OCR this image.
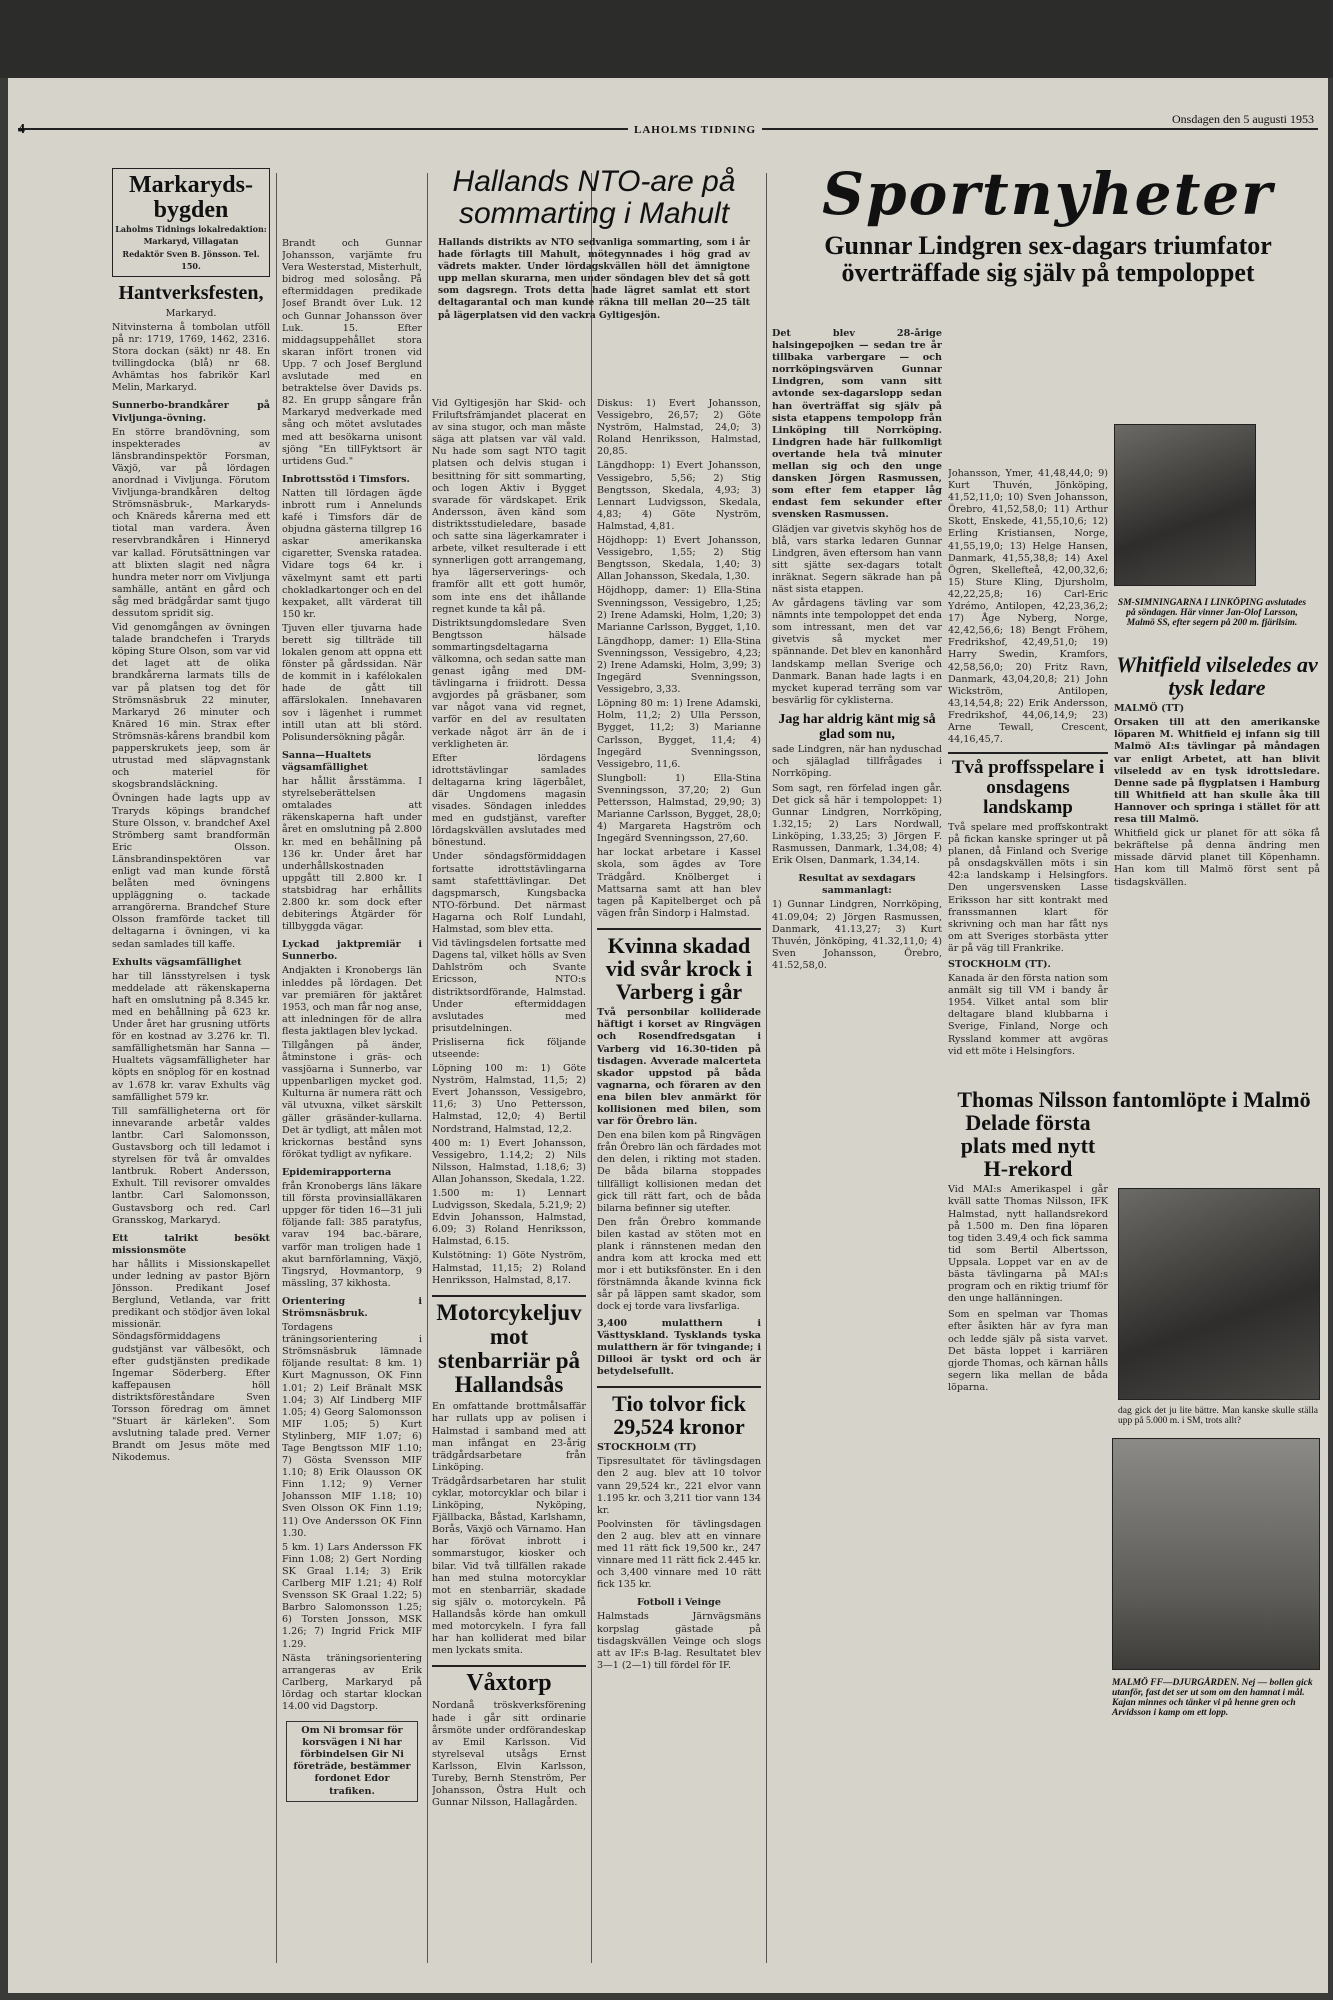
4	LAHOLMS TIDNING
Onsdagen den 5 augusti 1953
Markaryds-bygden
Laholms Tidnings lokalredaktion: Markaryd, Villagatan
Redaktör Sven B. Jönsson. Tel. 150.
Hantverksfesten,
Markaryd.

Nitvinsterna å tombolan utföll på nr: 1719, 1769, 1462, 2316. Stora dockan (säkt) nr 48. En tvillingdocka (blå) nr 68. Avhämtas hos fabrikör Karl Melin, Markaryd.

Sunnerbo-brandkårer på Vivljunga-övning.

En större brandövning, som inspekterades av länsbrandinspektör Forsman, Växjö, var på lördagen anordnad i Vivljunga. Förutom Vivljunga-brandkåren deltog Strömsnäsbruk-, Markaryds- och Knäreds kårerna med ett tiotal man vardera. Även reservbrandkåren i Hinneryd var kallad. Förutsättningen var att blixten slagit ned några hundra meter norr om Vivljunga samhälle, antänt en gård och såg med brädgårdar samt tjugo dessutom spridit sig.

Vid genomgången av övningen talade brandchefen i Traryds köping Sture Olson, som var vid det laget att de olika brandkårerna larmats tills de var på platsen tog det för Strömsnäsbruk 22 minuter, Markaryd 26 minuter och Knäred 16 min. Strax efter Strömsnäs-kårens brandbil kom papperskrukets jeep, som är utrustad med släpvagnstank och materiel för skogsbrandsläckning.

Övningen hade lagts upp av Traryds köpings brandchef Sture Olsson, v. brandchef Axel Strömberg samt brandformän Eric Olsson. Länsbrandinspektören var enligt vad man kunde förstå belåten med övningens uppläggning o. tackade arrangörerna. Brandchef Sture Olsson framförde tacket till deltagarna i övningen, vi ka sedan samlades till kaffe.

Exhults vägsamfällighet

har till länsstyrelsen i tysk meddelade att räkenskaperna haft en omslutning på 8.345 kr. med en behållning på 623 kr. Under året har grusning utförts för en kostnad av 3.276 kr. Tl. samfällighetsmän har Sanna — Hualtets vägsamfälligheter har köpts en snöplog för en kostnad av 1.678 kr. varav Exhults väg samfällighet 579 kr.

Till samfälligheterna ort för innevarande arbetår valdes lantbr. Carl Salomonsson, Gustavsborg och till ledamot i styrelsen för två år omvaldes lantbruk. Robert Andersson, Exhult. Till revisorer omvaldes lantbr. Carl Salomonsson, Gustavsborg och red. Carl Gransskog, Markaryd.

Ett talrikt besökt missionsmöte

har hållits i Missionskapellet under ledning av pastor Björn Jönsson. Predikant Josef Berglund, Vetlanda, var fritt predikant och stödjor även lokal missionär. Söndagsförmiddagens gudstjänst var välbesökt, och efter gudstjänsten predikade Ingemar Söderberg. Efter kaffepausen höll distriktsföreståndare Sven Torsson föredrag om ämnet "Stuart är kärleken". Som avslutning talade pred. Verner Brandt om Jesus möte med Nikodemus.

Brandt och Gunnar Johansson, varjämte fru Vera Westerstad, Misterhult, bidrog med solosång. På eftermiddagen predikade Josef Brandt över Luk. 12 och Gunnar Johansson över Luk. 15. Efter middagsuppehållet stora skaran infört tronen vid Upp. 7 och Josef Berglund avslutade med en betraktelse över Davids ps. 82. En grupp sångare från Markaryd medverkade med sång och mötet avslutades med att besökarna unisont sjöng "En tillFyktsort är urtidens Gud."

Inbrottsstöd i Timsfors.

Natten till lördagen ägde inbrott rum i Annelunds kafé i Timsfors där de objudna gästerna tillgrep 16 askar amerikanska cigaretter, Svenska ratadea. Vidare togs 64 kr. i växelmynt samt ett parti chokladkartonger och en del kexpaket, allt värderat till 150 kr.

Tjuven eller tjuvarna hade berett sig tillträde till lokalen genom att oppna ett fönster på gårdssidan. När de kommit in i kafélokalen hade de gått till affärslokalen. Innehavaren sov i lägenhet i rummet intill utan att bli störd. Polisundersökning pågår.

Sanna—Hualtets vägsamfällighet

har hållit årsstämma. I styrelseberättelsen omtalades att räkenskaperna haft under året en omslutning på 2.800 kr. med en behållning på 136 kr. Under året har underhållskostnaden uppgått till 2.800 kr. I statsbidrag har erhållits 2.800 kr. som dock efter debiterings Åtgärder för tillbyggda vägar.

Lyckad jaktpremiär i Sunnerbo.

Andjakten i Kronobergs län inleddes på lördagen. Det var premiären för jaktåret 1953, och man får nog anse, att inledningen för de allra flesta jaktlagen blev lyckad.

Tillgången på änder, åtminstone i gräs- och vassjöarna i Sunnerbo, var uppenbarligen mycket god. Kulturna är numera rätt och väl utvuxna, vilket särskilt gäller gräsänder-kullarna. Det är tydligt, att målen mot krickornas bestånd syns förökat tydligt av nyfikare.

Epidemirapporterna

från Kronobergs läns läkare till första provinsialläkaren uppger för tiden 16—31 juli följande fall: 385 paratyfus, varav 194 bac.-bärare, varför man troligen hade 1 akut barnförlamning, Växjö, Tingsryd, Hovmantorp, 9 mässling, 37 kikhosta.

Orientering i Strömsnäsbruk.

Tordagens träningsorientering i Strömsnäsbruk lämnade följande resultat: 8 km. 1) Kurt Magnusson, OK Finn 1.01; 2) Leif Bränalt MSK 1.04; 3) Alf Lindberg MIF 1.05; 4) Georg Salomonsson MIF 1.05; 5) Kurt Stylinberg, MIF 1.07; 6) Tage Bengtsson MIF 1.10; 7) Gösta Svensson MIF 1.10; 8) Erik Olausson OK Finn 1.12; 9) Verner Johansson MIF 1.18; 10) Sven Olsson OK Finn 1.19; 11) Ove Andersson OK Finn 1.30.

5 km. 1) Lars Andersson FK Finn 1.08; 2) Gert Nording SK Graal 1.14; 3) Erik Carlberg MIF 1.21; 4) Rolf Svensson SK Graal 1.22; 5) Barbro Salomonsson 1.25; 6) Torsten Jonsson, MSK 1.26; 7) Ingrid Frick MIF 1.29.

Nästa träningsorientering arrangeras av Erik Carlberg, Markaryd på lördag och startar klockan 14.00 vid Dagstorp.

Om Ni bromsar för korsvägen i Ni har förbindelsen Gir Ni företräde, bestämmer fordonet Edor trafiken.

Hallands NTO-are på sommarting i Mahult

Hallands distrikts av NTO sedvanliga sommarting, som i år hade förlagts till Mahult, mötegynnades i hög grad av vädrets makter. Under lördagskvällen höll det ämnigtone upp mellan skurarna, men under söndagen blev det så gott som dagsregn. Trots detta hade lägret samlat ett stort deltagarantal och man kunde räkna till mellan 20—25 tält på lägerplatsen vid den vackra Gyltigesjön.

Vid Gyltigesjön har Skid- och Friluftsfrämjandet placerat en av sina stugor, och man måste säga att platsen var väl vald. Nu hade som sagt NTO tagit platsen och delvis stugan i besittning för sitt sommarting, och logen Aktiv i Bygget svarade för värdskapet. Erik Andersson, även känd som distriktsstudieledare, basade och satte sina lägerkamrater i arbete, vilket resulterade i ett synnerligen gott arrangemang, hya lägerserverings- och framför allt ett gott humör, som inte ens det ihållande regnet kunde ta kål på.

Distriktsungdomsledare Sven Bengtsson hälsade sommartingsdeltagarna välkomna, och sedan satte man genast igång med DM-tävlingarna i friidrott. Dessa avgjordes på gräsbaner, som var något vana vid regnet, varför en del av resultaten verkade något ärr än de i verkligheten är.

Efter lördagens idrottstävlingar samlades deltagarna kring lägerbålet, där Ungdomens magasin visades. Söndagen inleddes med en gudstjänst, varefter lördagskvällen avslutades med bönestund.

Under söndagsförmiddagen fortsatte idrottstävlingarna samt stafetttävlingar. Det dagspmarsch, Kungsbacka NTO-förbund. Det närmast Hagarna och Rolf Lundahl, Halmstad, som blev etta.

Vid tävlingsdelen fortsatte med Dagens tal, vilket hölls av Sven Dahlström och Svante Ericsson, NTO:s distriktsordförande, Halmstad. Under eftermiddagen avslutades med prisutdelningen.

Prisliserna fick följande utseende:

Löpning 100 m: 1) Göte Nyström, Halmstad, 11,5; 2) Evert Johansson, Vessigebro, 11,6; 3) Uno Pettersson, Halmstad, 12,0; 4) Bertil Nordstrand, Halmstad, 12,2.

400 m: 1) Evert Johansson, Vessigebro, 1.14,2; 2) Nils Nilsson, Halmstad, 1.18,6; 3) Allan Johansson, Skedala, 1.22.

1.500 m: 1) Lennart Ludvigsson, Skedala, 5.21,9; 2) Edvin Johansson, Halmstad, 6.09; 3) Roland Henriksson, Halmstad, 6.15.

Kulstötning: 1) Göte Nyström, Halmstad, 11,15; 2) Roland Henriksson, Halmstad, 8,17.

Motorcykeljuv mot stenbarriär på Hallandsås

En omfattande brottmålsaffär har rullats upp av polisen i Halmstad i samband med att man infångat en 23-årig trädgårdsarbetare från Linköping.

Trädgårdsarbetaren har stulit cyklar, motorcyklar och bilar i Linköping, Nyköping, Fjällbacka, Båstad, Karlshamn, Borås, Växjö och Värnamo. Han har förövat inbrott i sommarstugor, kiosker och bilar. Vid två tillfällen rakade han med stulna motorcyklar mot en stenbarriär, skadade sig själv o. motorcykeln. På Hallandsås körde han omkull med motorcykeln. I fyra fall har han kolliderat med bilar men lyckats smita.

Våxtorp

Nordanå tröskverksförening hade i går sitt ordinarie årsmöte under ordförandeskap av Emil Karlsson. Vid styrelseval utsågs Ernst Karlsson, Elvin Karlsson, Tureby, Bernh Stenström, Per Johansson, Östra Hult och Gunnar Nilsson, Hallagården.

Diskus: 1) Evert Johansson, Vessigebro, 26,57; 2) Göte Nyström, Halmstad, 24,0; 3) Roland Henriksson, Halmstad, 20,85.

Längdhopp: 1) Evert Johansson, Vessigebro, 5,56; 2) Stig Bengtsson, Skedala, 4,93; 3) Lennart Ludvigsson, Skedala, 4,83; 4) Göte Nyström, Halmstad, 4,81.

Höjdhopp: 1) Evert Johansson, Vessigebro, 1,55; 2) Stig Bengtsson, Skedala, 1,40; 3) Allan Johansson, Skedala, 1,30.

Höjdhopp, damer: 1) Ella-Stina Svenningsson, Vessigebro, 1,25; 2) Irene Adamski, Holm, 1,20; 3) Marianne Carlsson, Bygget, 1,10.

Längdhopp, damer: 1) Ella-Stina Svenningsson, Vessigebro, 4,23; 2) Irene Adamski, Holm, 3,99; 3) Ingegärd Svenningsson, Vessigebro, 3,33.

Löpning 80 m: 1) Irene Adamski, Holm, 11,2; 2) Ulla Persson, Bygget, 11,2; 3) Marianne Carlsson, Bygget, 11,4; 4) Ingegärd Svenningsson, Vessigebro, 11,6.

Slungboll: 1) Ella-Stina Svenningsson, 37,20; 2) Gun Pettersson, Halmstad, 29,90; 3) Marianne Carlsson, Bygget, 28,0; 4) Margareta Hagström och Ingegärd Svenningsson, 27,60.

har lockat arbetare i Kassel skola, som ägdes av Tore Trädgård. Knölberget i Mattsarna samt att han blev tagen på Kapitelberget och på vägen från Sindorp i Halmstad.

Kvinna skadad vid svår krock i Varberg i går

Två personbilar kolliderade häftigt i korset av Ringvägen och Rosendfredsgatan i Varberg vid 16.30-tiden på tisdagen. Avverade malcerteta skador uppstod på båda vagnarna, och föraren av den ena bilen blev anmärkt för kollisionen med bilen, som var för Örebro län.

Den ena bilen kom på Ringvägen från Örebro län och färdades mot den delen, i rikting mot staden. De båda bilarna stoppades tillfälligt kollisionen medan det gick till rätt fart, och de båda bilarna befinner sig utefter.

Den från Örebro kommande bilen kastad av stöten mot en plank i rännstenen medan den andra kom att krocka med ett mor i ett butiksfönster. En i den förstnämnda åkande kvinna fick sår på läppen samt skador, som dock ej torde vara livsfarliga.

3,400 mulatthern i Västtyskland. Tysklands tyska mulatthern är för tvingande; i Dillooi är tyskt ord och är betydelsefullt.

Tio tolvor fick 29,524 kronor
STOCKHOLM (TT)

Tipsresultatet för tävlingsdagen den 2 aug. blev att 10 tolvor vann 29,524 kr., 221 elvor vann 1.195 kr. och 3,211 tior vann 134 kr.

Poolvinsten för tävlingsdagen den 2 aug. blev att en vinnare med 11 rätt fick 19,500 kr., 247 vinnare med 11 rätt fick 2.445 kr. och 3,400 vinnare med 10 rätt fick 135 kr.

Fotboll i Veinge

Halmstads Järnvägsmäns korpslag gästade på tisdagskvällen Veinge och slogs att av IF:s B-lag. Resultatet blev 3—1 (2—1) till fördel för IF.

Sportnyheter
Gunnar Lindgren sex-dagars triumfator överträffade sig själv på tempoloppet

Det blev 28-årige halsingepojken — sedan tre år tillbaka varbergare — och norrköpingsvärven Gunnar Lindgren, som vann sitt avtonde sex-dagarslopp sedan han överträffat sig själv på sista etappens tempolopp från Linköping till Norrköping. Lindgren hade här fullkomligt overtande hela två minuter mellan sig och den unge dansken Jörgen Rasmussen, som efter fem etapper låg endast fem sekunder efter svensken Rasmussen.

Glädjen var givetvis skyhög hos de blå, vars starka ledaren Gunnar Lindgren, även eftersom han vann sitt sjätte sex-dagars totalt inräknat. Segern säkrade han på näst sista etappen.

Av gårdagens tävling var som nämnts inte tempoloppet det enda som intressant, men det var givetvis så mycket mer spännande. Det blev en kanonhård landskamp mellan Sverige och Danmark. Banan hade lagts i en mycket kuperad terräng som var besvärlig för cyklisterna.

Jag har aldrig känt mig så glad som nu,

sade Lindgren, när han nyduschad och själaglad tillfrågades i Norrköping.

Som sagt, ren förfelad ingen går. Det gick så här i tempoloppet: 1) Gunnar Lindgren, Norrköping, 1.32,15; 2) Lars Nordwall, Linköping, 1.33,25; 3) Jörgen F. Rasmussen, Danmark, 1.34,08; 4) Erik Olsen, Danmark, 1.34,14.

Resultat av sexdagars sammanlagt:

1) Gunnar Lindgren, Norrköping, 41.09,04; 2) Jörgen Rasmussen, Danmark, 41.13,27; 3) Kurt Thuvén, Jönköping, 41.32,11,0; 4) Sven Johansson, Örebro, 41.52,58,0.

Johansson, Ymer, 41,48,44,0; 9) Kurt Thuvén, Jönköping, 41,52,11,0; 10) Sven Johansson, Örebro, 41,52,58,0; 11) Arthur Skott, Enskede, 41,55,10,6; 12) Erling Kristiansen, Norge, 41,55,19,0; 13) Helge Hansen, Danmark, 41,55,38,8; 14) Axel Ögren, Skellefteå, 42,00,32,6; 15) Sture Kling, Djursholm, 42,22,25,8; 16) Carl-Eric Ydrémo, Antilopen, 42,23,36,2; 17) Åge Nyberg, Norge, 42,42,56,6; 18) Bengt Fröhem, Fredrikshof, 42,49,51,0; 19) Harry Swedin, Kramfors, 42,58,56,0; 20) Fritz Ravn, Danmark, 43,04,20,8; 21) John Wickström, Antilopen, 43,14,54,8; 22) Erik Andersson, Fredrikshof, 44,06,14,9; 23) Arne Tewall, Crescent, 44,16,45,7.

Två proffsspelare i onsdagens landskamp

Två spelare med proffskontrakt på fickan kanske springer ut på planen, då Finland och Sverige på onsdagskvällen möts i sin 42:a landskamp i Helsingfors. Den ungersvensken Lasse Eriksson har sitt kontrakt med franssmannen klart för skrivning och man har fått nys om att Sveriges storbästa ytter är på väg till Frankrike.

STOCKHOLM (TT).

Kanada är den första nation som anmält sig till VM i bandy år 1954. Vilket antal som blir deltagare bland klubbarna i Sverige, Finland, Norge och Ryssland kommer att avgöras vid ett möte i Helsingfors.

SM-SIMNINGARNA I LINKÖPING avslutades på söndagen. Här vinner Jan-Olof Larsson, Malmö SS, efter segern på 200 m. fjärilsim.
Whitfield vilseledes av tysk ledare
MALMÖ (TT)

Orsaken till att den amerikanske löparen M. Whitfield ej infann sig till Malmö AI:s tävlingar på måndagen var enligt Arbetet, att han blivit vilseledd av en tysk idrottsledare. Denne sade på flygplatsen i Hamburg till Whitfield att han skulle åka till Hannover och springa i stället för att resa till Malmö.

Whitfield gick ur planet för att söka få bekräftelse på denna ändring men missade därvid planet till Köpenhamn. Han kom till Malmö först sent på tisdagskvällen.

Thomas Nilsson fantomlöpte i Malmö
Delade första plats med nytt H-rekord

Vid MAI:s Amerikaspel i går kväll satte Thomas Nilsson, IFK Halmstad, nytt hallandsrekord på 1.500 m. Den fina löparen tog tiden 3.49,4 och fick samma tid som Bertil Albertsson, Uppsala. Loppet var en av de bästa tävlingarna på MAI:s program och en riktig triumf för den unge hallänningen.

Som en spelman var Thomas efter åsikten här av fyra man och ledde själv på sista varvet. Det bästa loppet i karriären gjorde Thomas, och kärnan hålls segern lika mellan de båda löparna.

dag gick det ju lite bättre. Man kanske skulle ställa upp på 5.000 m. i SM, trots allt?
MALMÖ FF—DJURGÅRDEN. Nej — bollen gick utanför, fast det ser ut som om den hamnat i mål. Kajan minnes och tänker vi på henne gren och Arvidsson i kamp om ett lopp.
